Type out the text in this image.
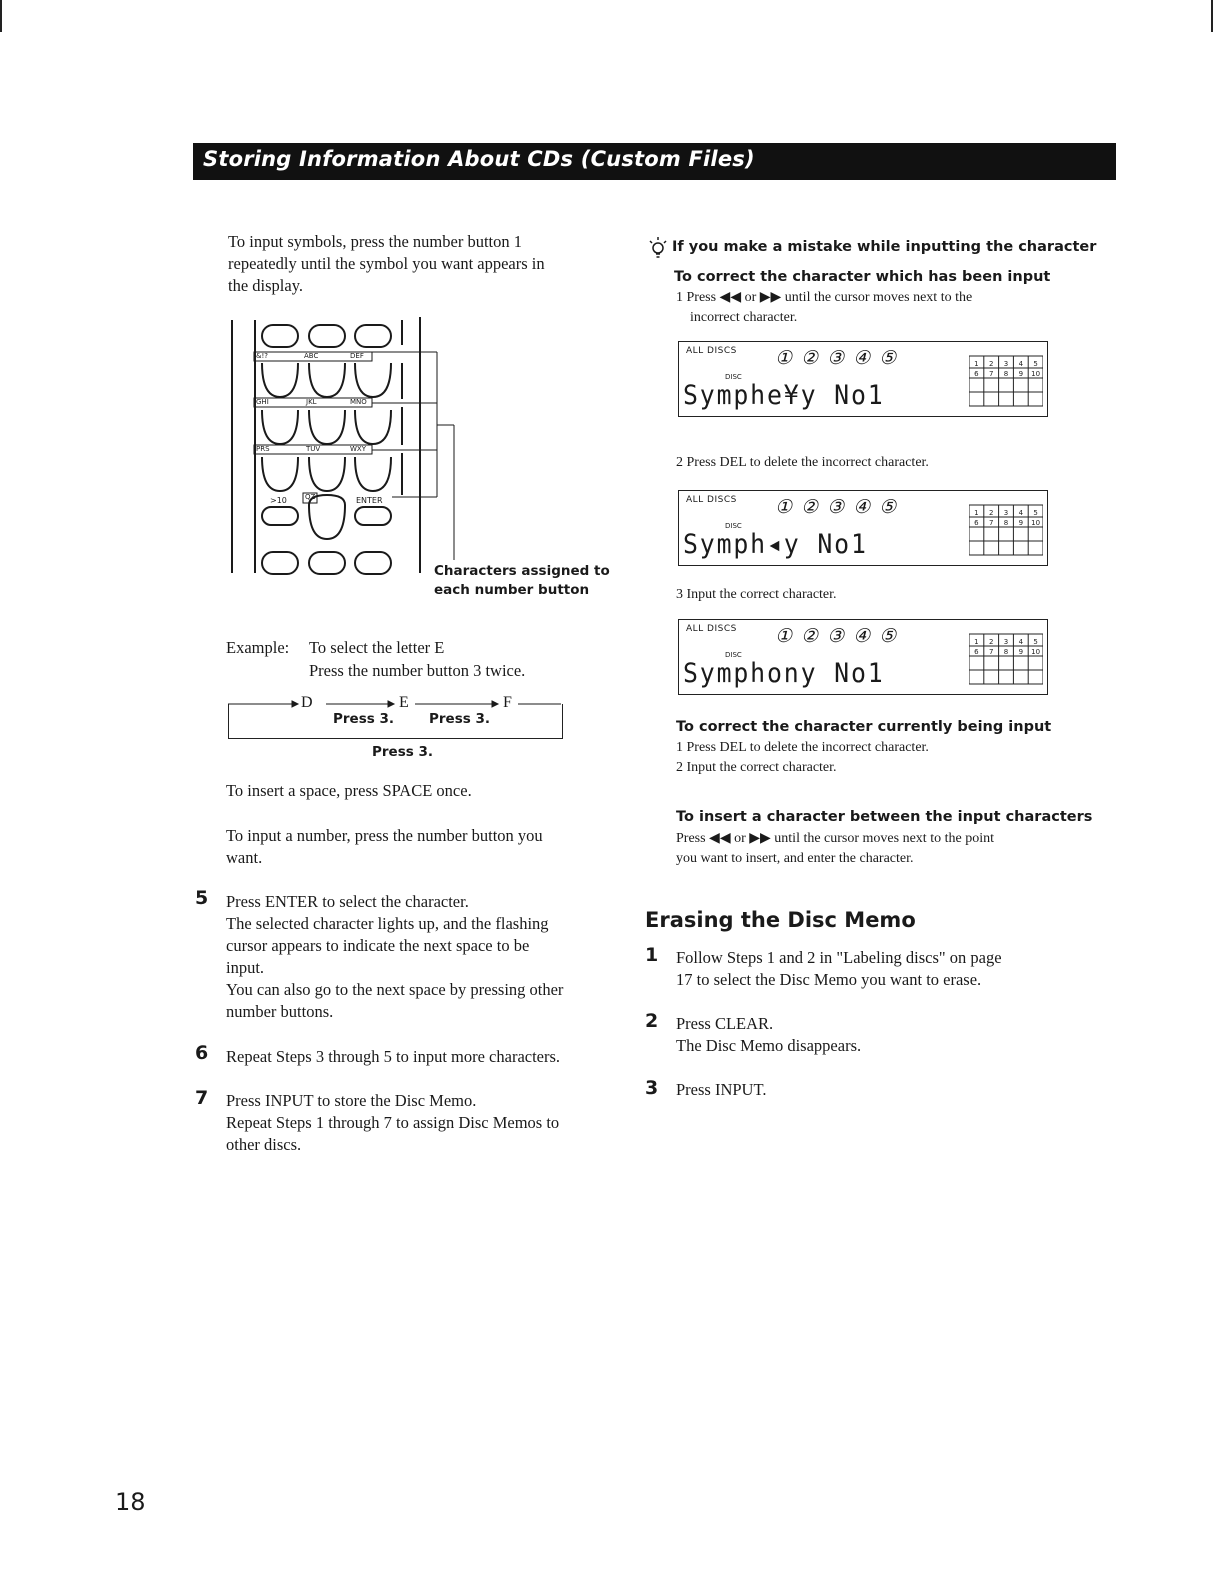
Storing Information About CDs (Custom Files)
To input symbols, press the number button 1
repeatedly until the symbol you want appears in
the display.
&!?	ABC	DEF
GHI	JKL	MNO
PRS	TUV	WXY
>10	QZ	ENTER
Characters assigned to
each number button
Example: To select the letter E
Press the number button 3 twice.
D	E	F
Press 3.	Press 3.
Press 3.
To insert a space, press SPACE once.
To input a number, press the number button you
want.
5 Press ENTER to select the character.
The selected character lights up, and the flashing
cursor appears to indicate the next space to be
input.
You can also go to the next space by pressing other
number buttons.
6 Repeat Steps 3 through 5 to input more characters.
7 Press INPUT to store the Disc Memo.
Repeat Steps 1 through 7 to assign Disc Memos to
other discs.
If you make a mistake while inputting the character
To correct the character which has been input
1 Press ◀◀ or ▶▶ until the cursor moves next to the
incorrect character.
ALL DISCS
DISC
①②③④⑤
Symphe¥y No1
1 2 3 4 5
6 7 8 9 10
2 Press DEL to delete the incorrect character.
ALL DISCS
DISC
①②③④⑤
Symph◂y No1
1 2 3 4 5
6 7 8 9 10
3 Input the correct character.
ALL DISCS
DISC
①②③④⑤
Symphony No1
1 2 3 4 5
6 7 8 9 10
To correct the character currently being input
1 Press DEL to delete the incorrect character.
2 Input the correct character.
To insert a character between the input characters
Press ◀◀ or ▶▶ until the cursor moves next to the point
you want to insert, and enter the character.
Erasing the Disc Memo
1 Follow Steps 1 and 2 in "Labeling discs" on page
17 to select the Disc Memo you want to erase.
2 Press CLEAR.
The Disc Memo disappears.
3 Press INPUT.
18
